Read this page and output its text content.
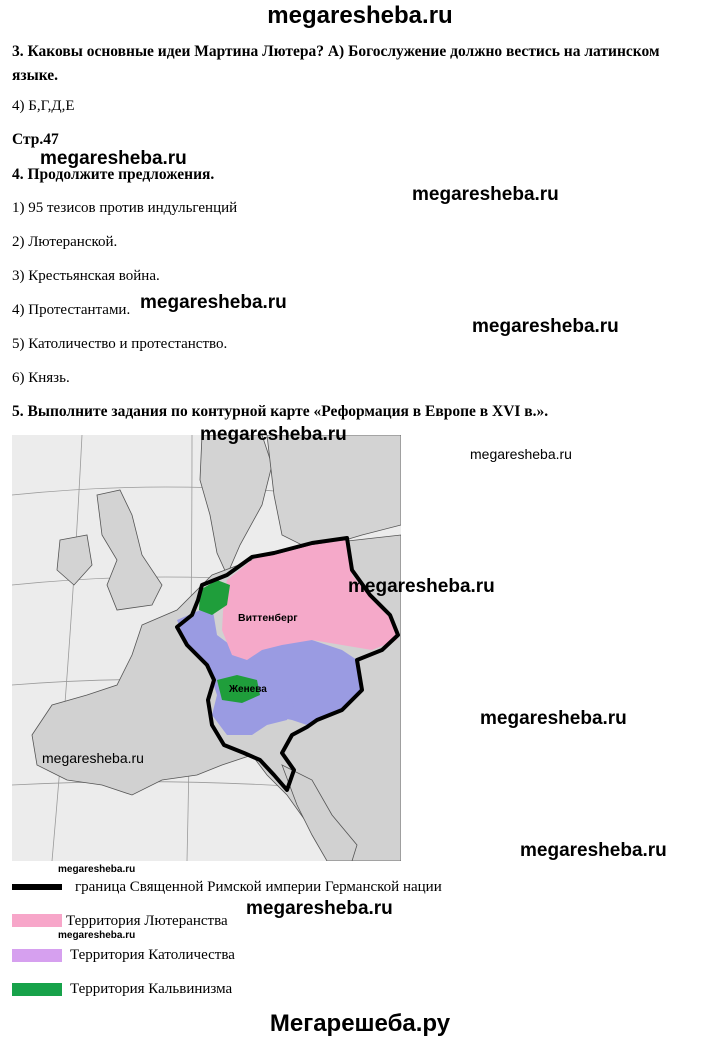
megaresheba.ru
3. Каковы основные идеи Мартина Лютера? А) Богослужение должно вестись на латинском
языке.
4) Б,Г,Д,Е
Стр.47
megaresheba.ru
4. Продолжите предложения.
megaresheba.ru
1) 95 тезисов против индульгенций
2) Лютеранской.
3) Крестьянская война.
4) Протестантами. megaresheba.ru
megaresheba.ru
5) Католичество и протестанство.
6) Князь.
5. Выполните задания по контурной карте «Реформация в Европе в XVI в.».
Виттенберг
Женева
megaresheba.ru
megaresheba.ru
megaresheba.ru
megaresheba.ru
megaresheba.ru
megaresheba.ru
megaresheba.ru
граница Священной Римской империи Германской нации
Территория Лютеранства
Территория Католичества
Территория Кальвинизма
megaresheba.ru
megaresheba.ru
Мегарешеба.ру
